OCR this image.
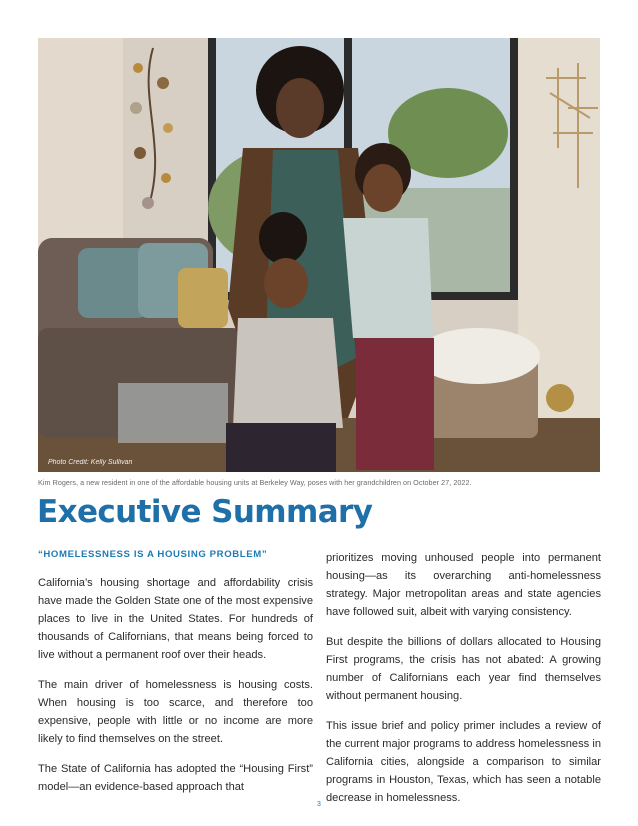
Photo Credit: Kelly Sullivan
Kim Rogers, a new resident in one of the affordable housing units at Berkeley Way, poses with her grandchildren on October 27, 2022.
Executive Summary

“HOMELESSNESS IS A HOUSING PROBLEM”

California’s housing shortage and affordability crisis have made the Golden State one of the most expensive places to live in the United States. For hundreds of thousands of Californians, that means being forced to live without a permanent roof over their heads.

The main driver of homelessness is housing costs. When housing is too scarce, and therefore too expensive, people with little or no income are more likely to find themselves on the street.

The State of California has adopted the “Housing First” model—an evidence-based approach that

prioritizes moving unhoused people into permanent housing—as its overarching anti-homelessness strategy. Major metropolitan areas and state agencies have followed suit, albeit with varying consistency.

But despite the billions of dollars allocated to Housing First programs, the crisis has not abated: A growing number of Californians each year find themselves without permanent housing.

This issue brief and policy primer includes a review of the current major programs to address homelessness in California cities, alongside a comparison to similar programs in Houston, Texas, which has seen a notable decrease in homelessness.

3
